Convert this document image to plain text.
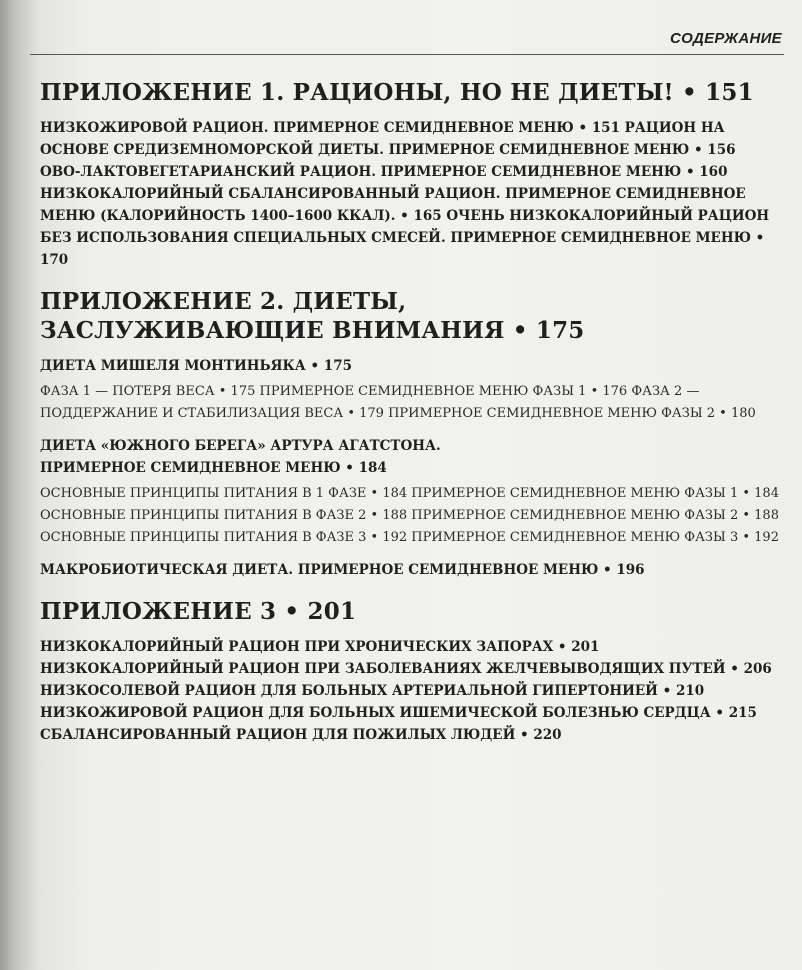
СОДЕРЖАНИЕ
ПРИЛОЖЕНИЕ 1. РАЦИОНЫ, НО НЕ ДИЕТЫ! • 151

НИЗКОЖИРОВОЙ РАЦИОН. ПРИМЕРНОЕ СЕМИДНЕВНОЕ МЕНЮ • 151 РАЦИОН НА ОСНОВЕ СРЕДИЗЕМНОМОРСКОЙ ДИЕТЫ. ПРИМЕРНОЕ СЕМИДНЕВНОЕ МЕНЮ • 156 ОВО-ЛАКТОВЕГЕТАРИАНСКИЙ РАЦИОН. ПРИМЕРНОЕ СЕМИДНЕВНОЕ МЕНЮ • 160 НИЗКОКАЛОРИЙНЫЙ СБАЛАНСИРОВАННЫЙ РАЦИОН. ПРИМЕРНОЕ СЕМИДНЕВНОЕ МЕНЮ (КАЛОРИЙНОСТЬ 1400–1600 ККАЛ). • 165 ОЧЕНЬ НИЗКОКАЛОРИЙНЫЙ РАЦИОН БЕЗ ИСПОЛЬЗОВАНИЯ СПЕЦИАЛЬНЫХ СМЕСЕЙ. ПРИМЕРНОЕ СЕМИДНЕВНОЕ МЕНЮ • 170

ПРИЛОЖЕНИЕ 2. ДИЕТЫ,
ЗАСЛУЖИВАЮЩИЕ ВНИМАНИЯ • 175

ДИЕТА МИШЕЛЯ МОНТИНЬЯКА • 175

ФАЗА 1 — ПОТЕРЯ ВЕСА • 175 ПРИМЕРНОЕ СЕМИДНЕВНОЕ МЕНЮ ФАЗЫ 1 • 176 ФАЗА 2 — ПОДДЕРЖАНИЕ И СТАБИЛИЗАЦИЯ ВЕСА • 179 ПРИМЕРНОЕ СЕМИДНЕВНОЕ МЕНЮ ФАЗЫ 2 • 180

ДИЕТА «ЮЖНОГО БЕРЕГА» АРТУРА АГАТСТОНА.
ПРИМЕРНОЕ СЕМИДНЕВНОЕ МЕНЮ • 184

ОСНОВНЫЕ ПРИНЦИПЫ ПИТАНИЯ В 1 ФАЗЕ • 184 ПРИМЕРНОЕ СЕМИДНЕВНОЕ МЕНЮ ФАЗЫ 1 • 184 ОСНОВНЫЕ ПРИНЦИПЫ ПИТАНИЯ В ФАЗЕ 2 • 188 ПРИМЕРНОЕ СЕМИДНЕВНОЕ МЕНЮ ФАЗЫ 2 • 188 ОСНОВНЫЕ ПРИНЦИПЫ ПИТАНИЯ В ФАЗЕ 3 • 192 ПРИМЕРНОЕ СЕМИДНЕВНОЕ МЕНЮ ФАЗЫ 3 • 192

МАКРОБИОТИЧЕСКАЯ ДИЕТА. ПРИМЕРНОЕ СЕМИДНЕВНОЕ МЕНЮ • 196

ПРИЛОЖЕНИЕ 3 • 201

НИЗКОКАЛОРИЙНЫЙ РАЦИОН ПРИ ХРОНИЧЕСКИХ ЗАПОРАХ • 201 НИЗКОКАЛОРИЙНЫЙ РАЦИОН ПРИ ЗАБОЛЕВАНИЯХ ЖЕЛЧЕВЫВОДЯЩИХ ПУТЕЙ • 206 НИЗКОСОЛЕВОЙ РАЦИОН ДЛЯ БОЛЬНЫХ АРТЕРИАЛЬНОЙ ГИПЕРТОНИЕЙ • 210 НИЗКОЖИРОВОЙ РАЦИОН ДЛЯ БОЛЬНЫХ ИШЕМИЧЕСКОЙ БОЛЕЗНЬЮ СЕРДЦА • 215 СБАЛАНСИРОВАННЫЙ РАЦИОН ДЛЯ ПОЖИЛЫХ ЛЮДЕЙ • 220
